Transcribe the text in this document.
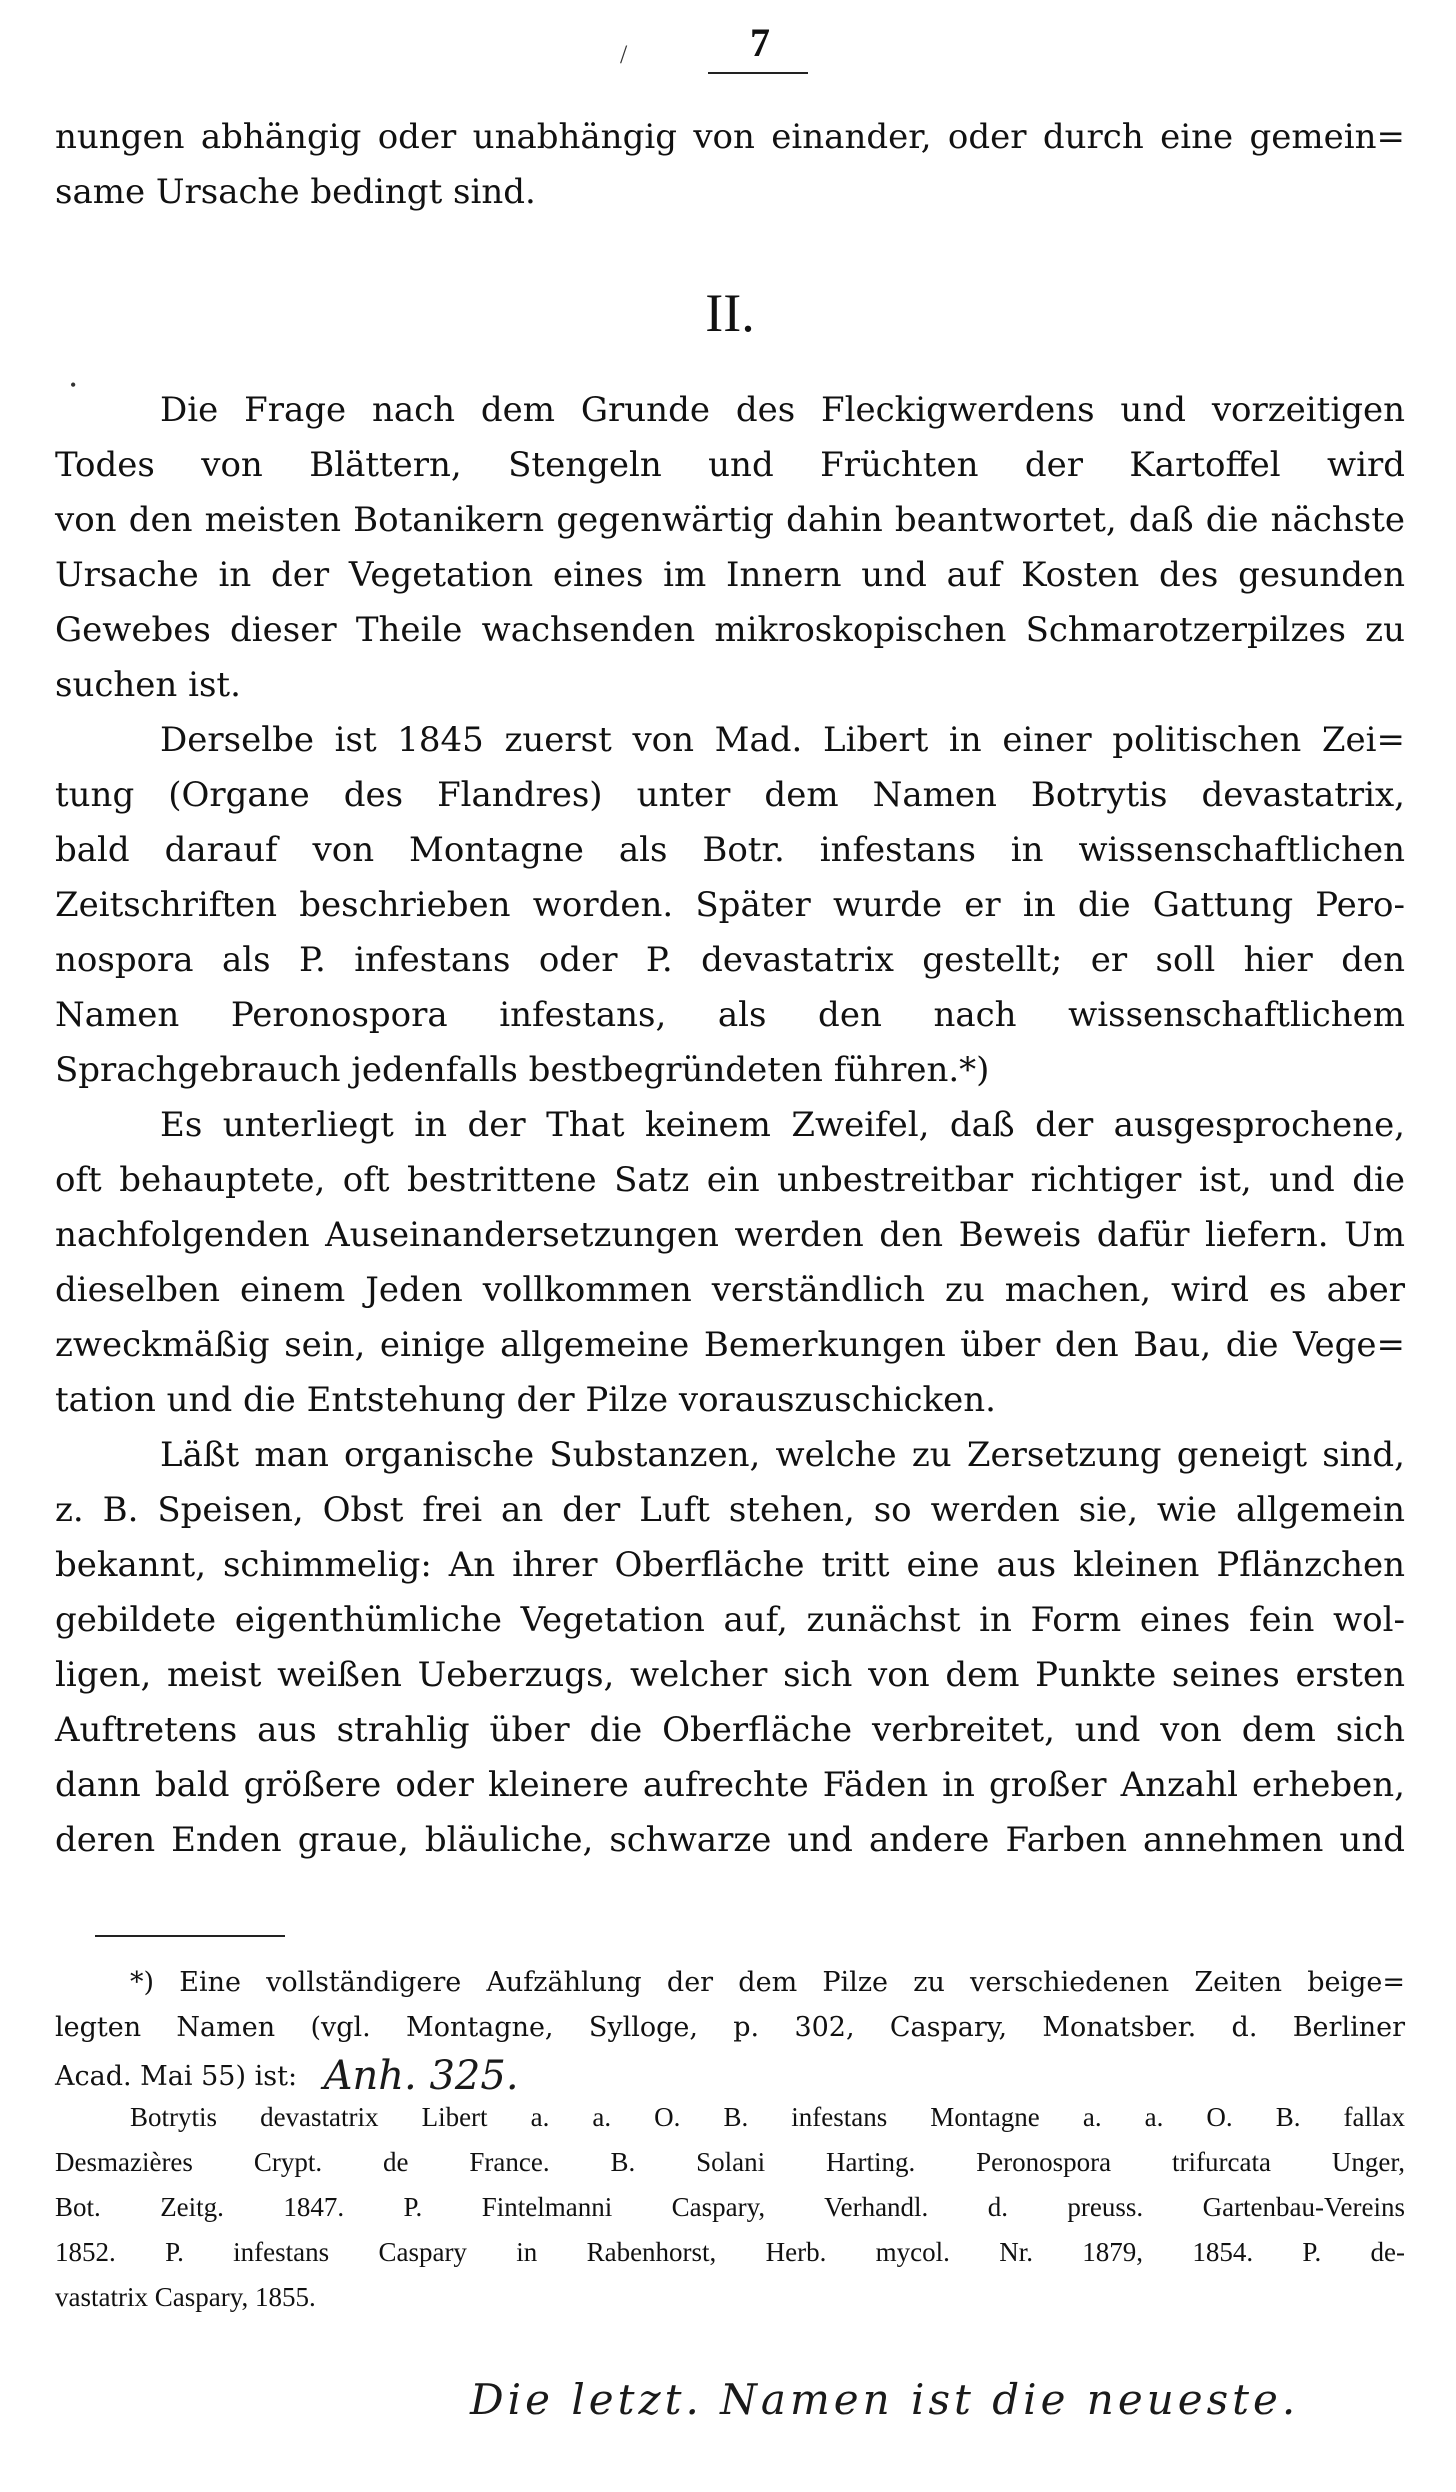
/	7
nungen abhängig oder unabhängig von einander, oder durch eine gemein=
same Ursache bedingt sind.
II.
Die Frage nach dem Grunde des Fleckigwerdens und vorzeitigen
Todes von Blättern, Stengeln und Früchten der Kartoffel wird
von den meisten Botanikern gegenwärtig dahin beantwortet, daß die nächste
Ursache in der Vegetation eines im Innern und auf Kosten des gesunden
Gewebes dieser Theile wachsenden mikroskopischen Schmarotzerpilzes zu
suchen ist.
Derselbe ist 1845 zuerst von Mad. Libert in einer politischen Zei=
tung (Organe des Flandres) unter dem Namen Botrytis devastatrix,
bald darauf von Montagne als Botr. infestans in wissenschaftlichen
Zeitschriften beschrieben worden. Später wurde er in die Gattung Pero-
nospora als P. infestans oder P. devastatrix gestellt; er soll hier den
Namen Peronospora infestans, als den nach wissenschaftlichem
Sprachgebrauch jedenfalls bestbegründeten führen.*)
Es unterliegt in der That keinem Zweifel, daß der ausgesprochene,
oft behauptete, oft bestrittene Satz ein unbestreitbar richtiger ist, und die
nachfolgenden Auseinandersetzungen werden den Beweis dafür liefern. Um
dieselben einem Jeden vollkommen verständlich zu machen, wird es aber
zweckmäßig sein, einige allgemeine Bemerkungen über den Bau, die Vege=
tation und die Entstehung der Pilze vorauszuschicken.
Läßt man organische Substanzen, welche zu Zersetzung geneigt sind,
z. B. Speisen, Obst frei an der Luft stehen, so werden sie, wie allgemein
bekannt, schimmelig: An ihrer Oberfläche tritt eine aus kleinen Pflänzchen
gebildete eigenthümliche Vegetation auf, zunächst in Form eines fein wol-
ligen, meist weißen Ueberzugs, welcher sich von dem Punkte seines ersten
Auftretens aus strahlig über die Oberfläche verbreitet, und von dem sich
dann bald größere oder kleinere aufrechte Fäden in großer Anzahl erheben,
deren Enden graue, bläuliche, schwarze und andere Farben annehmen und
•
*) Eine vollständigere Aufzählung der dem Pilze zu verschiedenen Zeiten beige=
legten Namen (vgl. Montagne, Sylloge, p. 302, Caspary, Monatsber. d. Berliner
Acad. Mai 55) ist: Anh. 325.
Botrytis devastatrix Libert a. a. O. B. infestans Montagne a. a. O. B. fallax
Desmazières Crypt. de France. B. Solani Harting. Peronospora trifurcata Unger,
Bot. Zeitg. 1847. P. Fintelmanni Caspary, Verhandl. d. preuss. Gartenbau-Vereins
1852. P. infestans Caspary in Rabenhorst, Herb. mycol. Nr. 1879, 1854. P. de-
vastatrix Caspary, 1855.
Die letzt. Namen ist die neueste.
